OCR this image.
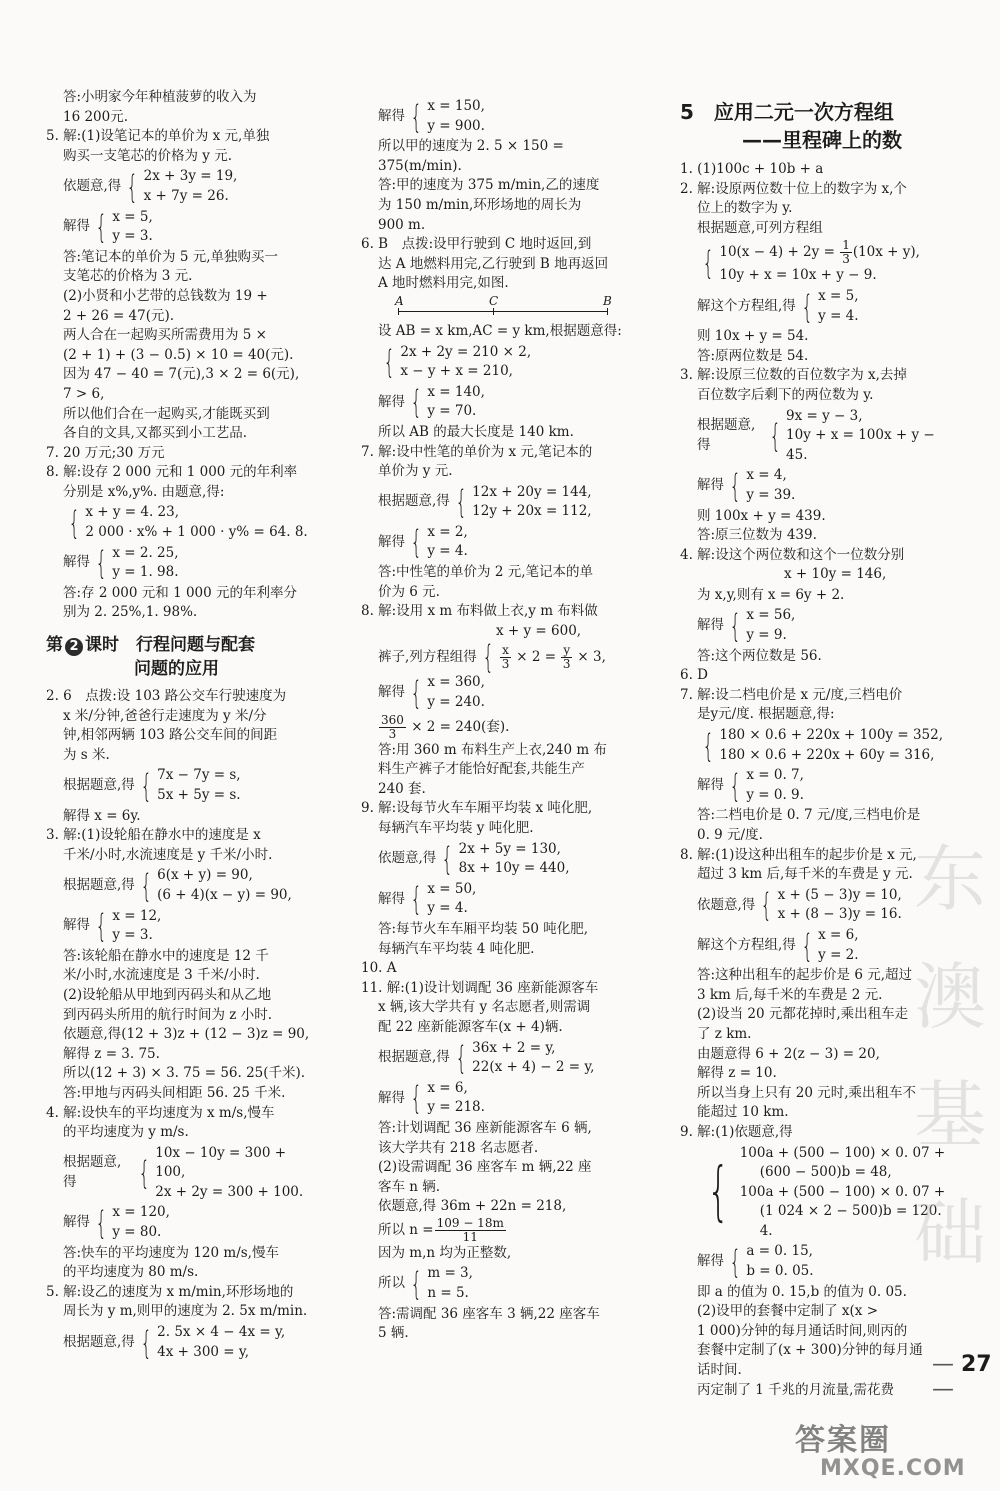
答:小明家今年种植菠萝的收入为
16 200元.
5. 解:(1)设笔记本的单价为 x 元,单独
购买一支笔芯的价格为 y 元.
依题意,得 { 2x + 3y = 19,
x + 7y = 26.
解得 { x = 5,
y = 3.
答:笔记本的单价为 5 元,单独购买一
支笔芯的价格为 3 元.
(2)小贤和小艺带的总钱数为 19 +
2 + 26 = 47(元).
两人合在一起购买所需费用为 5 ×
(2 + 1) + (3 − 0.5) × 10 = 40(元).
因为 47 − 40 = 7(元),3 × 2 = 6(元),
7 > 6,
所以他们合在一起购买,才能既买到
各自的文具,又都买到小工艺品.
7. 20 万元;30 万元
8. 解:设存 2 000 元和 1 000 元的年利率
分别是 x%,y%. 由题意,得:
{ x + y = 4. 23,
2 000 · x% + 1 000 · y% = 64. 8.
解得 { x = 2. 25,
y = 1. 98.
答:存 2 000 元和 1 000 元的年利率分
别为 2. 25%,1. 98%.
第 2 课时　 行程问题与配套
问题的应用
2. 6　点拨:设 103 路公交车行驶速度为
x 米/分钟,爸爸行走速度为 y 米/分
钟,相邻两辆 103 路公交车间的间距
为 s 米.
根据题意,得 { 7x − 7y = s,
5x + 5y = s.
解得 x = 6y.
3. 解:(1)设轮船在静水中的速度是 x
千米/小时,水流速度是 y 千米/小时.
根据题意,得 { 6(x + y) = 90,
(6 + 4)(x − y) = 90,
解得 { x = 12,
y = 3.
答:该轮船在静水中的速度是 12 千
米/小时,水流速度是 3 千米/小时.
(2)设轮船从甲地到丙码头和从乙地
到丙码头所用的航行时间为 z 小时.
依题意,得(12 + 3)z + (12 − 3)z = 90,
解得 z = 3. 75.
所以(12 + 3) × 3. 75 = 56. 25(千米).
答:甲地与丙码头间相距 56. 25 千米.
4. 解:设快车的平均速度为 x m/s,慢车
的平均速度为 y m/s.
根据题意,得	{
10x − 10y = 300 + 100,
2x + 2y = 300 + 100.
解得 { x = 120,
y = 80.
答:快车的平均速度为 120 m/s,慢车
的平均速度为 80 m/s.
5. 解:设乙的速度为 x m/min,环形场地的
周长为 y m,则甲的速度为 2. 5x m/min.
根据题意,得 { 2. 5x × 4 − 4x = y,
4x + 300 = y,
解得 { x = 150,
y = 900.
所以甲的速度为 2. 5 × 150 =
375(m/min).
答:甲的速度为 375 m/min,乙的速度
为 150 m/min,环形场地的周长为
900 m.
6. B　点拨:设甲行驶到 C 地时返回,到
达 A 地燃料用完,乙行驶到 B 地再返回
A 地时燃料用完,如图.
A	C	B
设 AB = x km,AC = y km,根据题意得:
{ 2x + 2y = 210 × 2,
x − y + x = 210,
解得 { x = 140,
y = 70.
所以 AB 的最大长度是 140 km.
7. 解:设中性笔的单价为 x 元,笔记本的
单价为 y 元.
根据题意,得 { 12x + 20y = 144,
12y + 20x = 112,
解得 { x = 2,
y = 4.
答:中性笔的单价为 2 元,笔记本的单
价为 6 元.
8. 解:设用 x m 布料做上衣,y m 布料做
x + y = 600,
裤子,列方程组得 { $\frac{x}{3} \times 2 = \frac{y}{3} \times 3$,
解得 { x = 360,
y = 240.
$\frac{360}{3} \times 2 = 240$(套).
答:用 360 m 布料生产上衣,240 m 布
料生产裤子才能恰好配套,共能生产
240 套.
9. 解:设每节火车车厢平均装 x 吨化肥,
每辆汽车平均装 y 吨化肥.
依题意,得 { 2x + 5y = 130,
8x + 10y = 440,
解得 { x = 50,
y = 4.
答:每节火车车厢平均装 50 吨化肥,
每辆汽车平均装 4 吨化肥.
10. A
11. 解:(1)设计划调配 36 座新能源客车
x 辆,该大学共有 y 名志愿者,则需调
配 22 座新能源客车(x + 4)辆.
根据题意,得 { 36x + 2 = y,
22(x + 4) − 2 = y,
解得 { x = 6,
y = 218.
答:计划调配 36 座新能源客车 6 辆,
该大学共有 218 名志愿者.
(2)设需调配 36 座客车 m 辆,22 座
客车 n 辆.
依题意,得 36m + 22n = 218,
所以 $n = \frac{109 - 18m}{11}$
因为 m,n 均为正整数,
所以 { m = 3,
n = 5.
答:需调配 36 座客车 3 辆,22 座客车
5 辆.
5　应用二元一次方程组
——里程碑上的数
1. (1)100c + 10b + a
2. 解:设原两位数十位上的数字为 x,个
位上的数字为 y.
根据题意,可列方程组
{ $10(x - 4) + 2y = \frac{1}{3} (10x + y)$,
10y + x = 10x + y − 9.
解这个方程组,得 { x = 5,
y = 4.
则 10x + y = 54.
答:原两位数是 54.
3. 解:设原三位数的百位数字为 x,去掉
百位数字后剩下的两位数为 y.
根据题意,得	{
9x = y − 3,
10y + x = 100x + y − 45.
解得 { x = 4,
y = 39.
则 100x + y = 439.
答:原三位数为 439.
4. 解:设这个两位数和这个一位数分别
x + 10y = 146,
为 x,y,则有 x = 6y + 2.
解得 { x = 56,
y = 9.
答:这个两位数是 56.
6. D
7. 解:设二档电价是 x 元/度,三档电价
是y元/度. 根据题意,得:
{ 180 × 0.6 + 220x + 100y = 352,
180 × 0.6 + 220x + 60y = 316,
解得 { x = 0. 7,
y = 0. 9.
答:二档电价是 0. 7 元/度,三档电价是
0. 9 元/度.
8. 解:(1)设这种出租车的起步价是 x 元,
超过 3 km 后,每千米的车费是 y 元.
依题意,得 { x + (5 − 3)y = 10,
x + (8 − 3)y = 16.
解这个方程组,得 { x = 6,
y = 2.
答:这种出租车的起步价是 6 元,超过
3 km 后,每千米的车费是 2 元.
(2)设当 20 元都花掉时,乘出租车走
了 z km.
由题意得 6 + 2(z − 3) = 20,
解得 z = 10.
所以当身上只有 20 元时,乘出租车不
能超过 10 km.
9. 解:(1)依题意,得
{
100a + (500 − 100) × 0. 07 +
(600 − 500)b = 48,
100a + (500 − 100) × 0. 07 +
(1 024 × 2 − 500)b = 120. 4.
解得 { a = 0. 15,
b = 0. 05.
即 a 的值为 0. 15,b 的值为 0. 05.
(2)设甲的套餐中定制了 x(x >
1 000)分钟的每月通话时间,则丙的
套餐中定制了(x + 300)分钟的每月通
话时间.
丙定制了 1 千兆的月流量,需花费
东澳基础
— 27 —
答案圈
MXQE.COM
